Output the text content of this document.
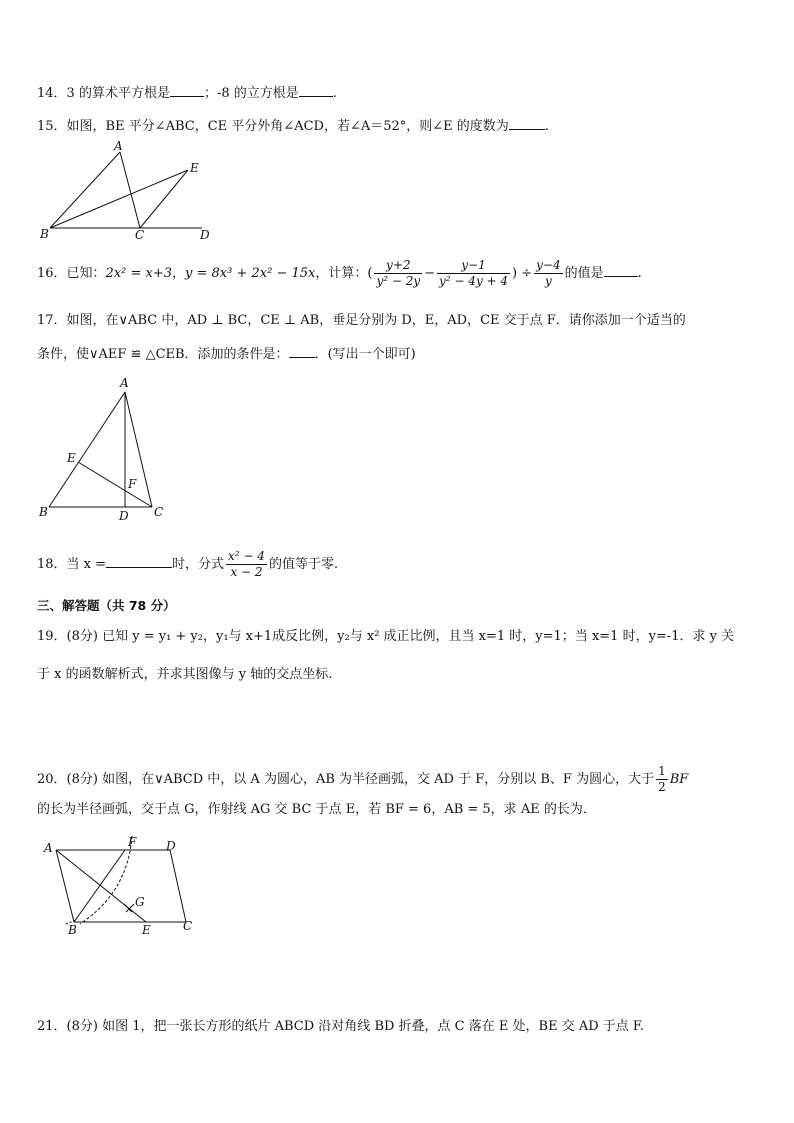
14．3 的算术平方根是	；-8 的立方根是	.
15．如图，BE 平分∠ABC，CE 平分外角∠ACD，若∠A＝52°，则∠E 的度数为	.
A
E
B	C	D
16．已知：2x² = x+3，y = 8x³ + 2x² − 15x，计算：( $\frac{y+2}{\text{y² − 2y}} - \frac{y-1}{\text{y² − 4y + 4}}$ ) ÷ $\frac{y-4}{y}$ 的值是	.
17．如图，在∨ABC 中，AD ⊥ BC，CE ⊥ AB，垂足分别为 D，E，AD，CE 交于点 F．请你添加一个适当的
条件，使∨AEF ≌ △CEB．添加的条件是： ．(写出一个即可)
A
E
F
B	D C
18．当 x =	时，分式 $\frac{\text{x² − 4}}{x - 2}$ 的值等于零.
三、解答题（共 78 分）
19．(8分) 已知 y = y₁ + y₂，y₁与 x+1成反比例，y₂与 x² 成正比例，且当 x=1 时，y=1；当 x=1 时，y=-1．求 y 关
于 x 的函数解析式，并求其图像与 y 轴的交点坐标.
20．(8分) 如图，在∨ABCD 中，以 A 为圆心，AB 为半径画弧，交 AD 于 F，分别以 B、F 为圆心，大于 $\frac{1}{2}$ BF
的长为半径画弧，交于点 G，作射线 AG 交 BC 于点 E，若 BF = 6，AB = 5，求 AE 的长为．
A	F D
G
B	E	C
21．(8分) 如图 1，把一张长方形的纸片 ABCD 沿对角线 BD 折叠，点 C 落在 E 处，BE 交 AD 于点 F.
